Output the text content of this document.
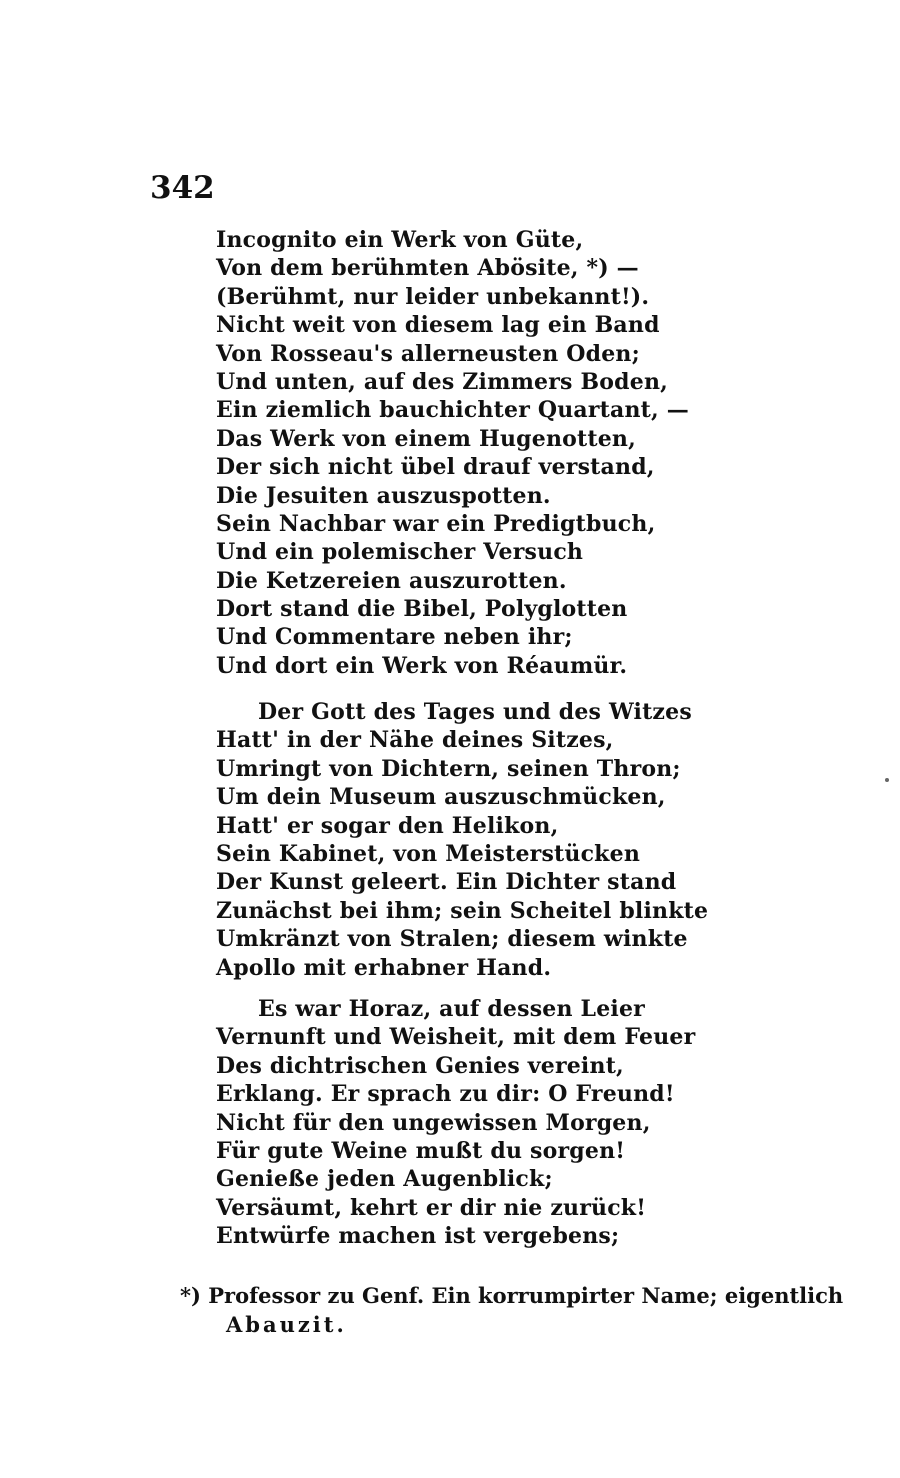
342
Incognito ein Werk von Güte,
Von dem berühmten Abösite, *) —
(Berühmt, nur leider unbekannt!).
Nicht weit von diesem lag ein Band
Von Rosseau's allerneusten Oden;
Und unten, auf des Zimmers Boden,
Ein ziemlich bauchichter Quartant, —
Das Werk von einem Hugenotten,
Der sich nicht übel drauf verstand,
Die Jesuiten auszuspotten.
Sein Nachbar war ein Predigtbuch,
Und ein polemischer Versuch
Die Ketzereien auszurotten.
Dort stand die Bibel, Polyglotten
Und Commentare neben ihr;
Und dort ein Werk von Réaumür.
Der Gott des Tages und des Witzes
Hatt' in der Nähe deines Sitzes,
Umringt von Dichtern, seinen Thron;
Um dein Museum auszuschmücken,
Hatt' er sogar den Helikon,
Sein Kabinet, von Meisterstücken
Der Kunst geleert. Ein Dichter stand
Zunächst bei ihm; sein Scheitel blinkte
Umkränzt von Stralen; diesem winkte
Apollo mit erhabner Hand.
Es war Horaz, auf dessen Leier
Vernunft und Weisheit, mit dem Feuer
Des dichtrischen Genies vereint,
Erklang. Er sprach zu dir: O Freund!
Nicht für den ungewissen Morgen,
Für gute Weine mußt du sorgen!
Genieße jeden Augenblick;
Versäumt, kehrt er dir nie zurück!
Entwürfe machen ist vergebens;
*) Professor zu Genf. Ein korrumpirter Name; eigentlich
Abauzit.
